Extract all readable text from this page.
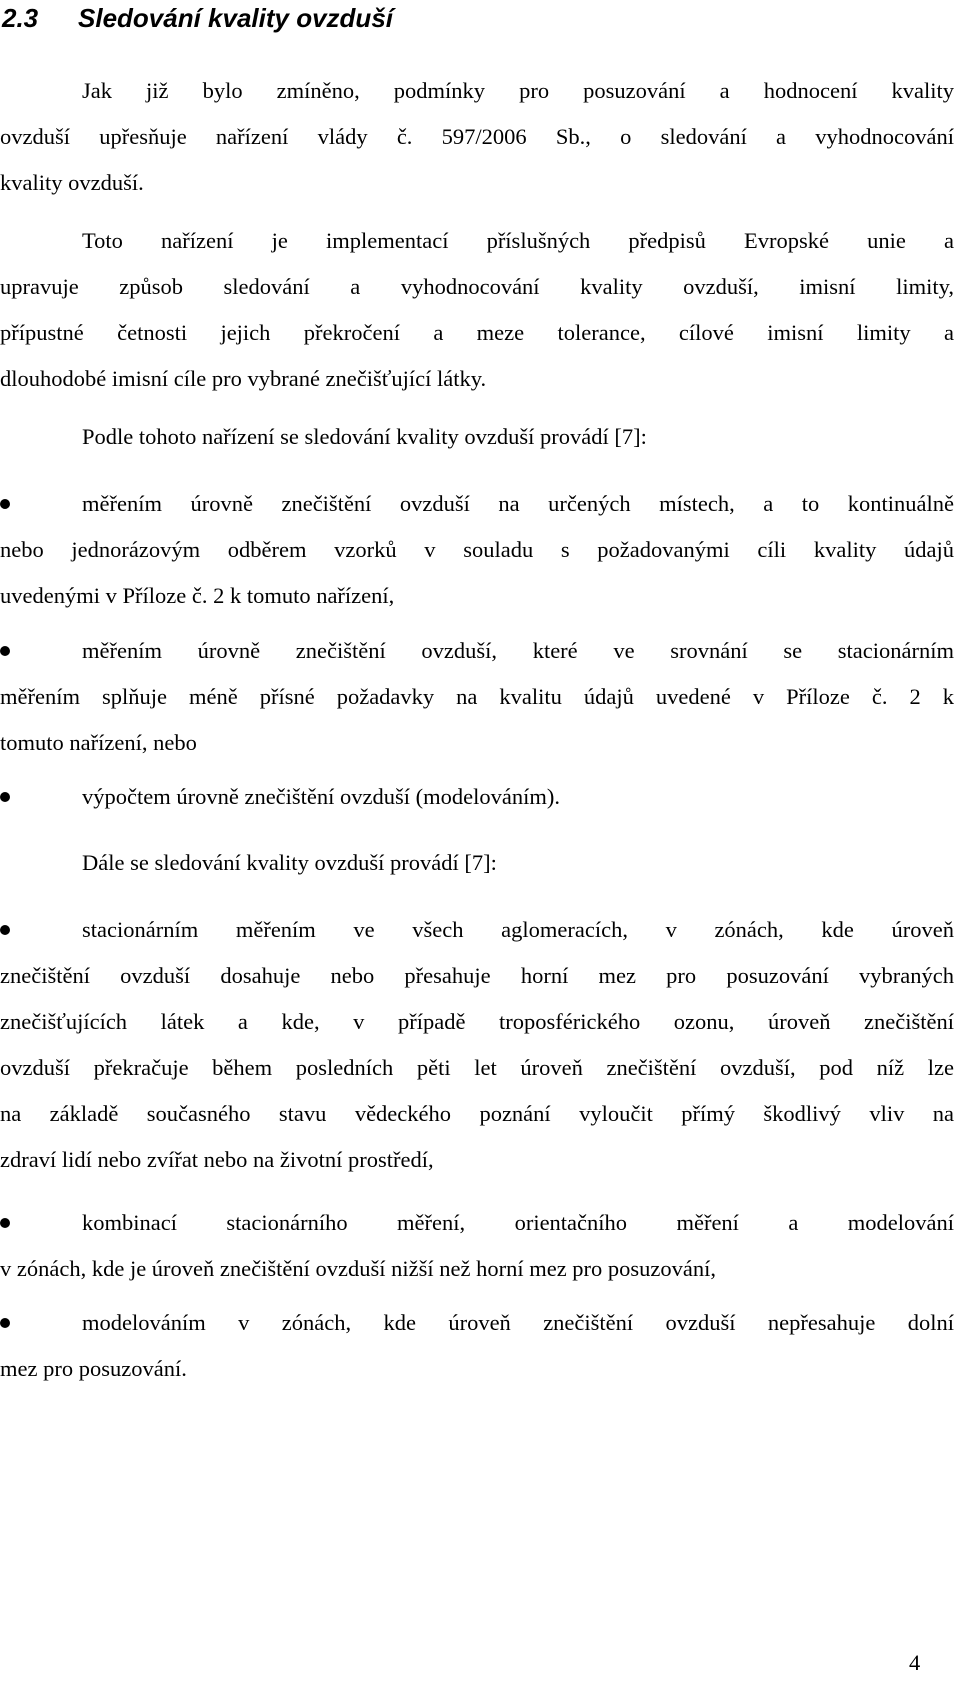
2.3 Sledování kvality ovzduší
Jak již bylo zmíněno, podmínky pro posuzování a hodnocení kvality
ovzduší upřesňuje nařízení vlády č. 597/2006 Sb., o sledování a vyhodnocování
kvality ovzduší.
Toto nařízení je implementací příslušných předpisů Evropské unie a
upravuje způsob sledování a vyhodnocování kvality ovzduší, imisní limity,
přípustné četnosti jejich překročení a meze tolerance, cílové imisní limity a
dlouhodobé imisní cíle pro vybrané znečišťující látky.
Podle tohoto nařízení se sledování kvality ovzduší provádí [7]:
měřením úrovně znečištění ovzduší na určených místech, a to kontinuálně
nebo jednorázovým odběrem vzorků v souladu s požadovanými cíli kvality údajů
uvedenými v Příloze č. 2 k tomuto nařízení,
měřením úrovně znečištění ovzduší, které ve srovnání se stacionárním
měřením splňuje méně přísné požadavky na kvalitu údajů uvedené v Příloze č. 2 k
tomuto nařízení, nebo
výpočtem úrovně znečištění ovzduší (modelováním).
Dále se sledování kvality ovzduší provádí [7]:
stacionárním měřením ve všech aglomeracích, v zónách, kde úroveň
znečištění ovzduší dosahuje nebo přesahuje horní mez pro posuzování vybraných
znečišťujících látek a kde, v případě troposférického ozonu, úroveň znečištění
ovzduší překračuje během posledních pěti let úroveň znečištění ovzduší, pod níž lze
na základě současného stavu vědeckého poznání vyloučit přímý škodlivý vliv na
zdraví lidí nebo zvířat nebo na životní prostředí,
kombinací stacionárního měření, orientačního měření a modelování
v zónách, kde je úroveň znečištění ovzduší nižší než horní mez pro posuzování,
modelováním v zónách, kde úroveň znečištění ovzduší nepřesahuje dolní
mez pro posuzování.
4
